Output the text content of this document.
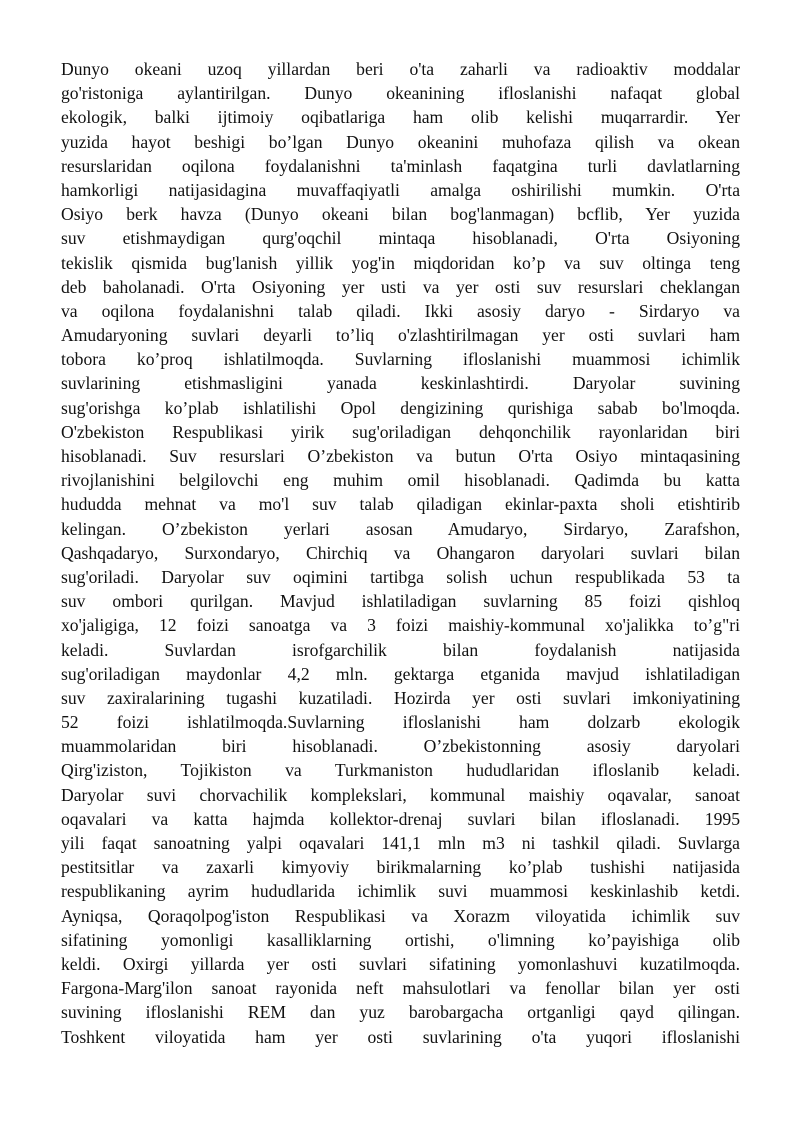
Dunyo okeani uzoq yillardan beri o'ta zaharli va radioaktiv moddalar
go'ristoniga aylantirilgan. Dunyo okeanining ifloslanishi nafaqat global
ekologik, balki ijtimoiy oqibatlariga ham olib kelishi muqarrardir. Yer
yuzida hayot beshigi bo’lgan Dunyo okeanini muhofaza qilish va okean
resurslaridan oqilona foydalanishni ta'minlash faqatgina turli davlatlarning
hamkorligi natijasidagina muvaffaqiyatli amalga oshirilishi mumkin. O'rta
Osiyo berk havza (Dunyo okeani bilan bog'lanmagan) bcflib, Yer yuzida
suv etishmaydigan qurg'oqchil mintaqa hisoblanadi, O'rta Osiyoning
tekislik qismida bug'lanish yillik yog'in miqdoridan ko’p va suv oltinga teng
deb baholanadi. O'rta Osiyoning yer usti va yer osti suv resurslari cheklangan
va oqilona foydalanishni talab qiladi. Ikki asosiy daryo - Sirdaryo va
Amudaryoning suvlari deyarli to’liq o'zlashtirilmagan yer osti suvlari ham
tobora ko’proq ishlatilmoqda. Suvlarning ifloslanishi muammosi ichimlik
suvlarining etishmasligini yanada keskinlashtirdi. Daryolar suvining
sug'orishga ko’plab ishlatilishi Opol dengizining qurishiga sabab bo'lmoqda.
O'zbekiston Respublikasi yirik sug'oriladigan dehqonchilik rayonlaridan biri
hisoblanadi. Suv resurslari O’zbekiston va butun O'rta Osiyo mintaqasining
rivojlanishini belgilovchi eng muhim omil hisoblanadi. Qadimda bu katta
hududda mehnat va mo'l suv talab qiladigan ekinlar-paxta sholi etishtirib
kelingan. O’zbekiston yerlari asosan Amudaryo, Sirdaryo, Zarafshon,
Qashqadaryo, Surxondaryo, Chirchiq va Ohangaron daryolari suvlari bilan
sug'oriladi. Daryolar suv oqimini tartibga solish uchun respublikada 53 ta
suv ombori qurilgan. Mavjud ishlatiladigan suvlarning 85 foizi qishloq
xo'jaligiga, 12 foizi sanoatga va 3 foizi maishiy-kommunal xo'jalikka to’g"ri
keladi. Suvlardan isrofgarchilik bilan foydalanish natijasida
sug'oriladigan maydonlar 4,2 mln. gektarga etganida mavjud ishlatiladigan
suv zaxiralarining tugashi kuzatiladi. Hozirda yer osti suvlari imkoniyatining
52 foizi ishlatilmoqda.Suvlarning ifloslanishi ham dolzarb ekologik
muammolaridan biri hisoblanadi. O’zbekistonning asosiy daryolari
Qirg'iziston, Tojikiston va Turkmaniston hududlaridan ifloslanib keladi.
Daryolar suvi chorvachilik komplekslari, kommunal maishiy oqavalar, sanoat
oqavalari va katta hajmda kollektor-drenaj suvlari bilan ifloslanadi. 1995
yili faqat sanoatning yalpi oqavalari 141,1 mln m3 ni tashkil qiladi. Suvlarga
pestitsitlar va zaxarli kimyoviy birikmalarning ko’plab tushishi natijasida
respublikaning ayrim hududlarida ichimlik suvi muammosi keskinlashib ketdi.
Ayniqsa, Qoraqolpog'iston Respublikasi va Xorazm viloyatida ichimlik suv
sifatining yomonligi kasalliklarning ortishi, o'limning ko’payishiga olib
keldi. Oxirgi yillarda yer osti suvlari sifatining yomonlashuvi kuzatilmoqda.
Fargona-Marg'ilon sanoat rayonida neft mahsulotlari va fenollar bilan yer osti
suvining ifloslanishi REM dan yuz barobargacha ortganligi qayd qilingan.
Toshkent viloyatida ham yer osti suvlarining o'ta yuqori ifloslanishi
